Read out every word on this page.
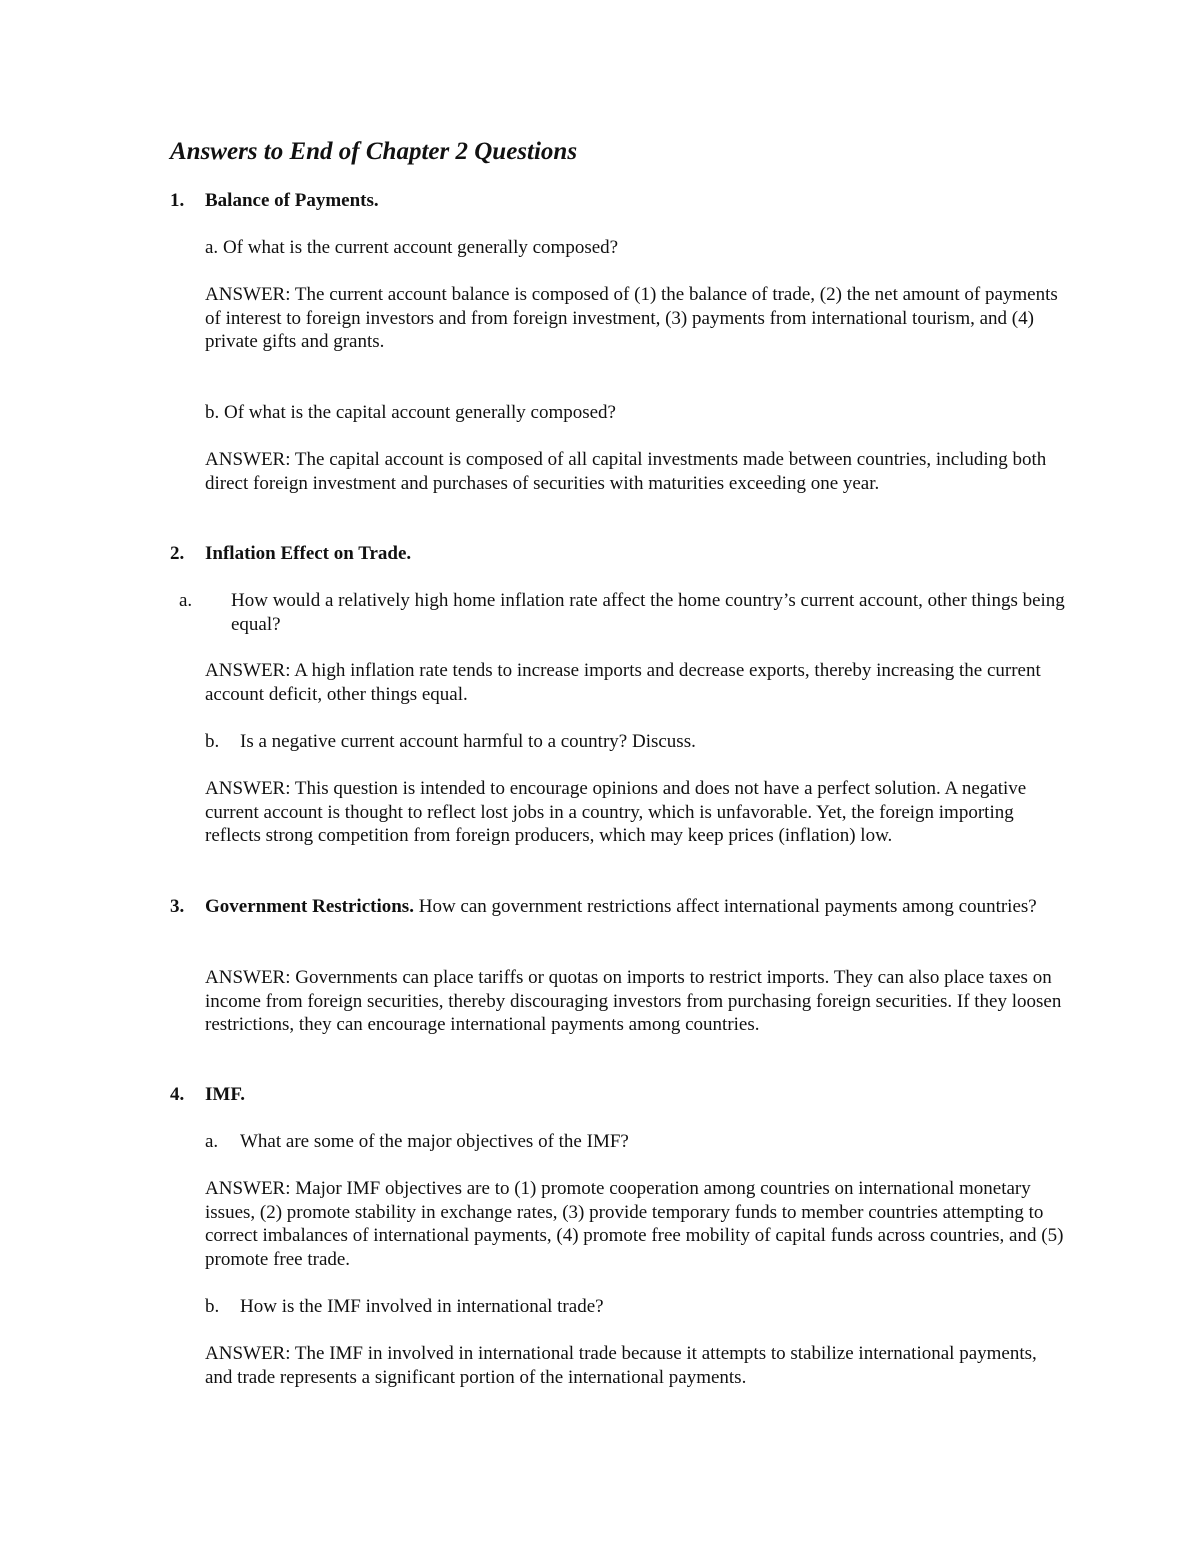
Answers to End of Chapter 2 Questions

1.	Balance of Payments.

a. Of what is the current account generally composed?

ANSWER: The current account balance is composed of (1) the balance of trade, (2) the net amount of payments of interest to foreign investors and from foreign investment, (3) payments from international tourism, and (4) private gifts and grants.

b. Of what is the capital account generally composed?

ANSWER: The capital account is composed of all capital investments made between countries, including both direct foreign investment and purchases of securities with maturities exceeding one year.

2.	Inflation Effect on Trade.

a. How would a relatively high home inflation rate affect the home country’s current account, other things being equal?

ANSWER: A high inflation rate tends to increase imports and decrease exports, thereby increasing the current account deficit, other things equal.

b. Is a negative current account harmful to a country? Discuss.

ANSWER: This question is intended to encourage opinions and does not have a perfect solution. A negative current account is thought to reflect lost jobs in a country, which is unfavorable. Yet, the foreign importing reflects strong competition from foreign producers, which may keep prices (inflation) low.

3.	Government Restrictions. How can government restrictions affect international payments among countries?

ANSWER: Governments can place tariffs or quotas on imports to restrict imports. They can also place taxes on income from foreign securities, thereby discouraging investors from purchasing foreign securities. If they loosen restrictions, they can encourage international payments among countries.

4.	IMF.

a. What are some of the major objectives of the IMF?

ANSWER: Major IMF objectives are to (1) promote cooperation among countries on international monetary issues, (2) promote stability in exchange rates, (3) provide temporary funds to member countries attempting to correct imbalances of international payments, (4) promote free mobility of capital funds across countries, and (5) promote free trade.

b. How is the IMF involved in international trade?

ANSWER: The IMF in involved in international trade because it attempts to stabilize international payments, and trade represents a significant portion of the international payments.
